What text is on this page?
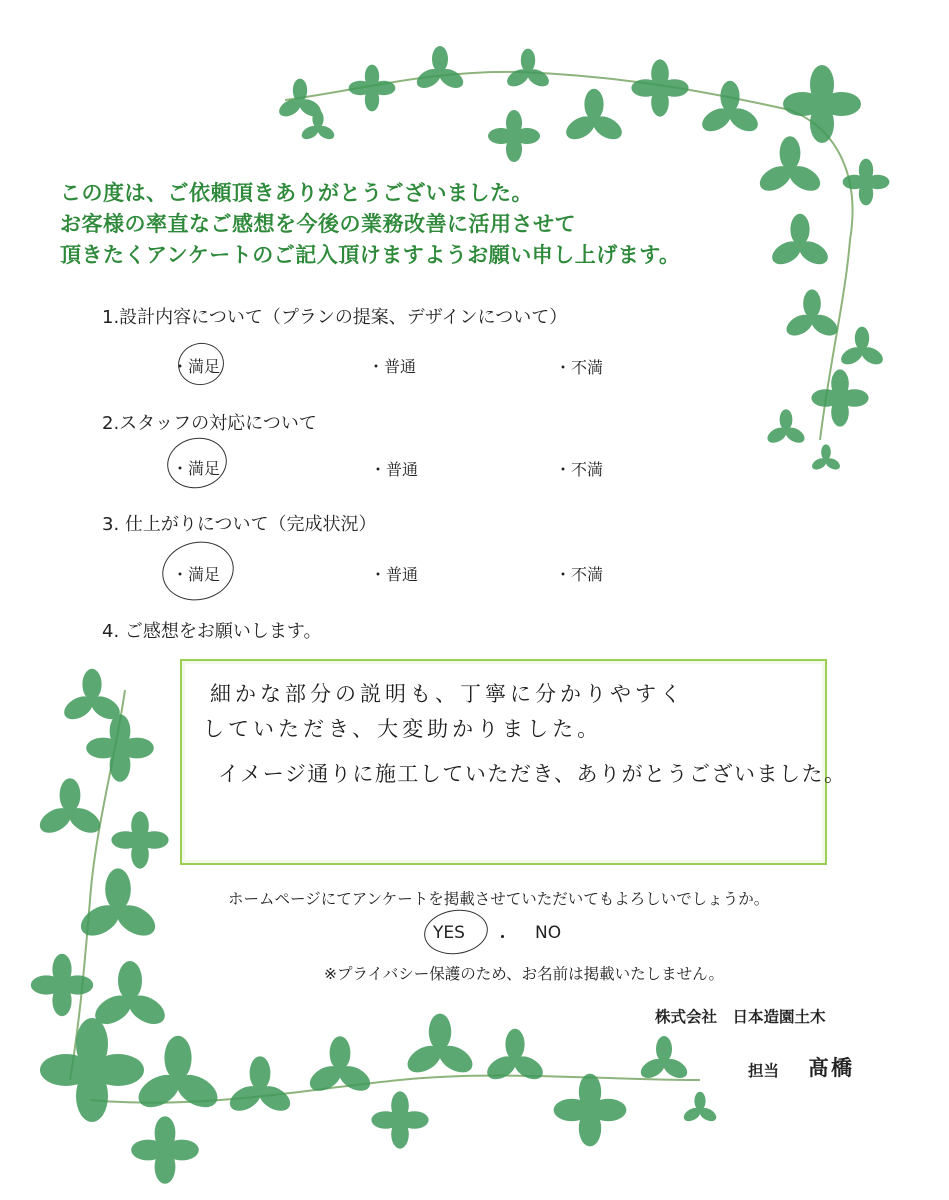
この度は、ご依頼頂きありがとうございました。
お客様の率直なご感想を今後の業務改善に活用させて
頂きたくアンケートのご記入頂けますようお願い申し上げます。
1.設計内容について（プランの提案、デザインについて）
・満足	・普通	・不満
2.スタッフの対応について
・満足	・普通	・不満
3. 仕上がりについて（完成状況）
・満足	・普通	・不満
4. ご感想をお願いします。
細かな部分の説明も、丁寧に分かりやすく
していただき、大変助かりました。
イメージ通りに施工していただき、ありがとうございました。
ホームページにてアンケートを掲載させていただいてもよろしいでしょうか。
YES ・ NO
※プライバシー保護のため、お名前は掲載いたしません。
株式会社　日本造園土木
担当 髙橋
